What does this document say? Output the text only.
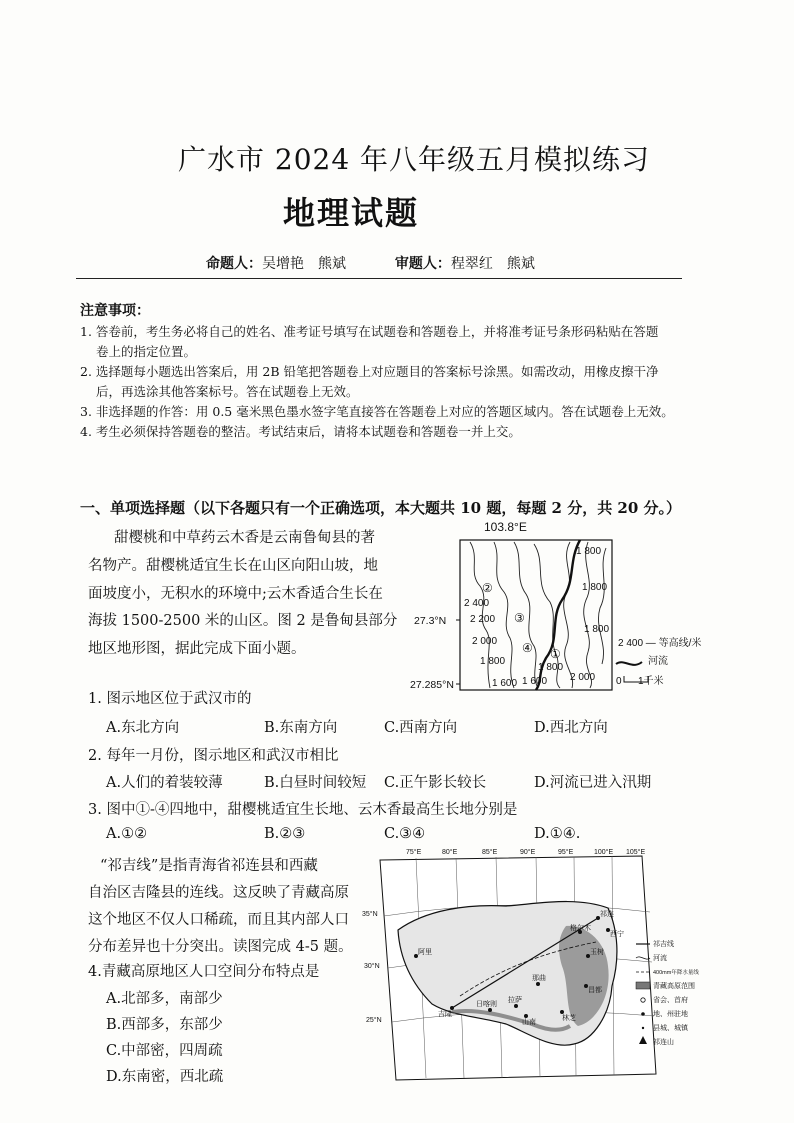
广水市 2024 年八年级五月模拟练习
地理试题
命题人：吴增艳　熊斌	审题人：程翠红　熊斌
注意事项：
1. 答卷前，考生务必将自己的姓名、准考证号填写在试题卷和答题卷上，并将准考证号条形码粘贴在答题
卷上的指定位置。
2. 选择题每小题选出答案后，用 2B 铅笔把答题卷上对应题目的答案标号涂黑。如需改动，用橡皮擦干净
后，再选涂其他答案标号。答在试题卷上无效。
3. 非选择题的作答：用 0.5 毫米黑色墨水签字笔直接答在答题卷上对应的答题区域内。答在试题卷上无效。
4. 考生必须保持答题卷的整洁。考试结束后，请将本试题卷和答题卷一并上交。
一、单项选择题（以下各题只有一个正确选项，本大题共 10 题，每题 2 分，共 20 分。）
甜樱桃和中草药云木香是云南鲁甸县的著
名物产。甜樱桃适宜生长在山区向阳山坡，地
面坡度小，无积水的环境中;云木香适合生长在
海拔 1500-2500 米的山区。图 2 是鲁甸县部分
地区地形图，据此完成下面小题。
103.8°E
1 800
1 800
2 400
2 200
1 800
2 000
1 800
1 800
1 600
1 600
2 000
②
③
④ ①
27.3°N
27.285°N
2 400 — 等高线/米
河流
0 1千米
1. 图示地区位于武汉市的
A.东北方向	B.东南方向	C.西南方向	D.西北方向
2. 每年一月份，图示地区和武汉市相比
A.人们的着装较薄	B.白昼时间较短 C.正午影长较长	D.河流已进入汛期
3. 图中①-④四地中，甜樱桃适宜生长地、云木香最高生长地分别是
A.①②	B.②③	C.③④	D.①④.
“祁吉线”是指青海省祁连县和西藏
自治区吉隆县的连线。这反映了青藏高原
这个地区不仅人口稀疏，而且其内部人口
分布差异也十分突出。读图完成 4-5 题。
4.青藏高原地区人口空间分布特点是
A.北部多，南部少
B.西部多，东部少
C.中部密，四周疏
D.东南密，西北疏
75°E	80°E	85°E	90°E	95°E	100°E 105°E
35°N
30°N
25°N
祁连
西宁
格尔木
拉萨
日喀则
山南
昌都
吉隆
那曲
林芝
玉树
阿里
祁吉线
河流
400mm年降水量线
青藏高原范围
省会、首府
地、州驻地
县城、城镇
祁连山
